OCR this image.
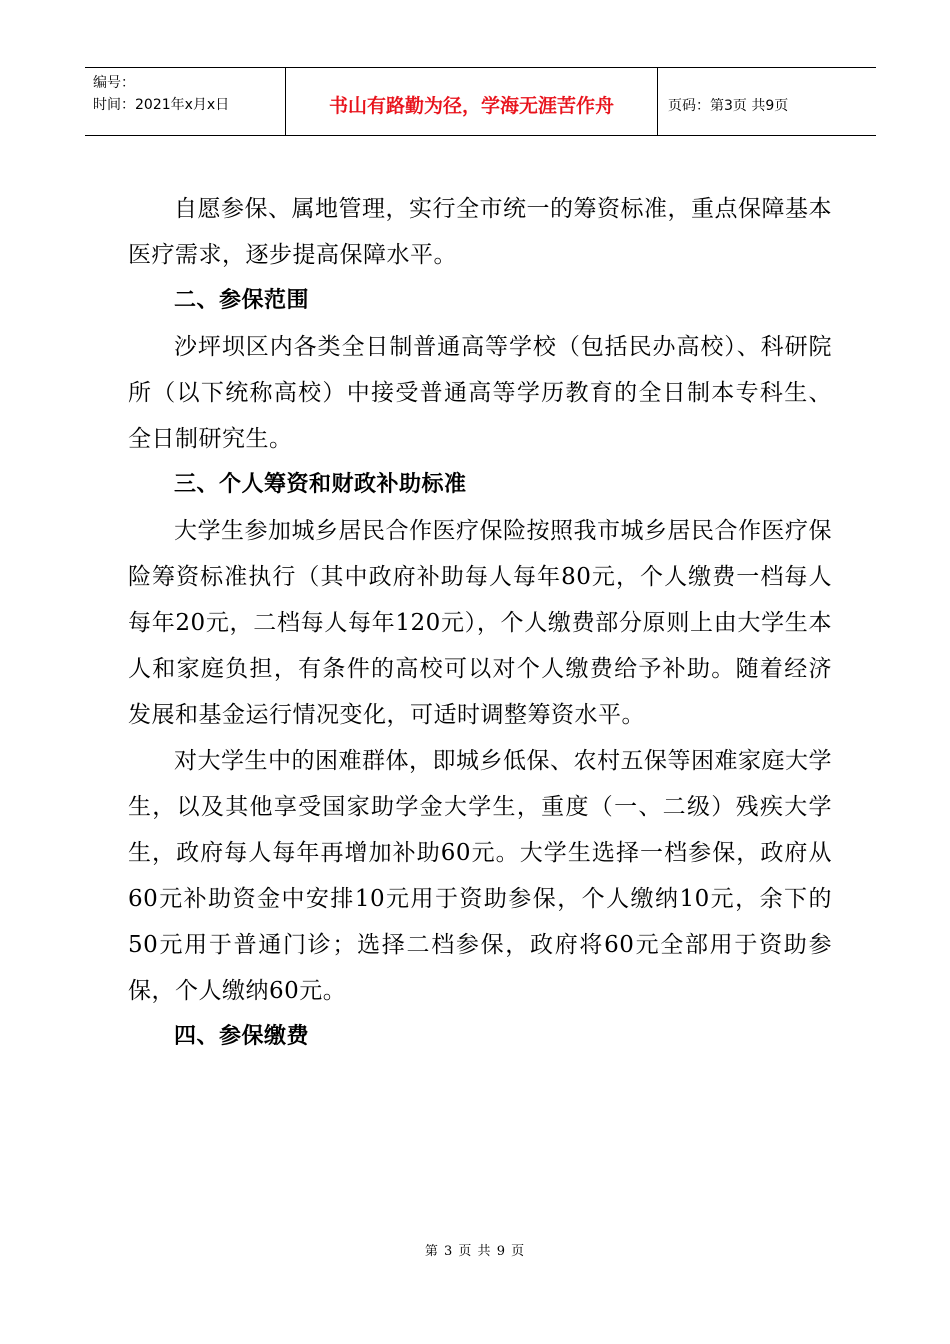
编号：
时间：2021年x月x日	书山有路勤为径，学海无涯苦作舟	页码：第3页 共9页

自愿参保、属地管理，实行全市统一的筹资标准，重点保障基本医疗需求，逐步提高保障水平。

二、参保范围

沙坪坝区内各类全日制普通高等学校（包括民办高校）、科研院所（以下统称高校）中接受普通高等学历教育的全日制本专科生、全日制研究生。

三、个人筹资和财政补助标准

大学生参加城乡居民合作医疗保险按照我市城乡居民合作医疗保险筹资标准执行（其中政府补助每人每年80元，个人缴费一档每人每年20元，二档每人每年120元），个人缴费部分原则上由大学生本人和家庭负担，有条件的高校可以对个人缴费给予补助。随着经济发展和基金运行情况变化，可适时调整筹资水平。

对大学生中的困难群体，即城乡低保、农村五保等困难家庭大学生，以及其他享受国家助学金大学生，重度（一、二级）残疾大学生，政府每人每年再增加补助60元。大学生选择一档参保，政府从60元补助资金中安排10元用于资助参保，个人缴纳10元，余下的50元用于普通门诊；选择二档参保，政府将60元全部用于资助参保，个人缴纳60元。

四、参保缴费

第 3 页 共 9 页
